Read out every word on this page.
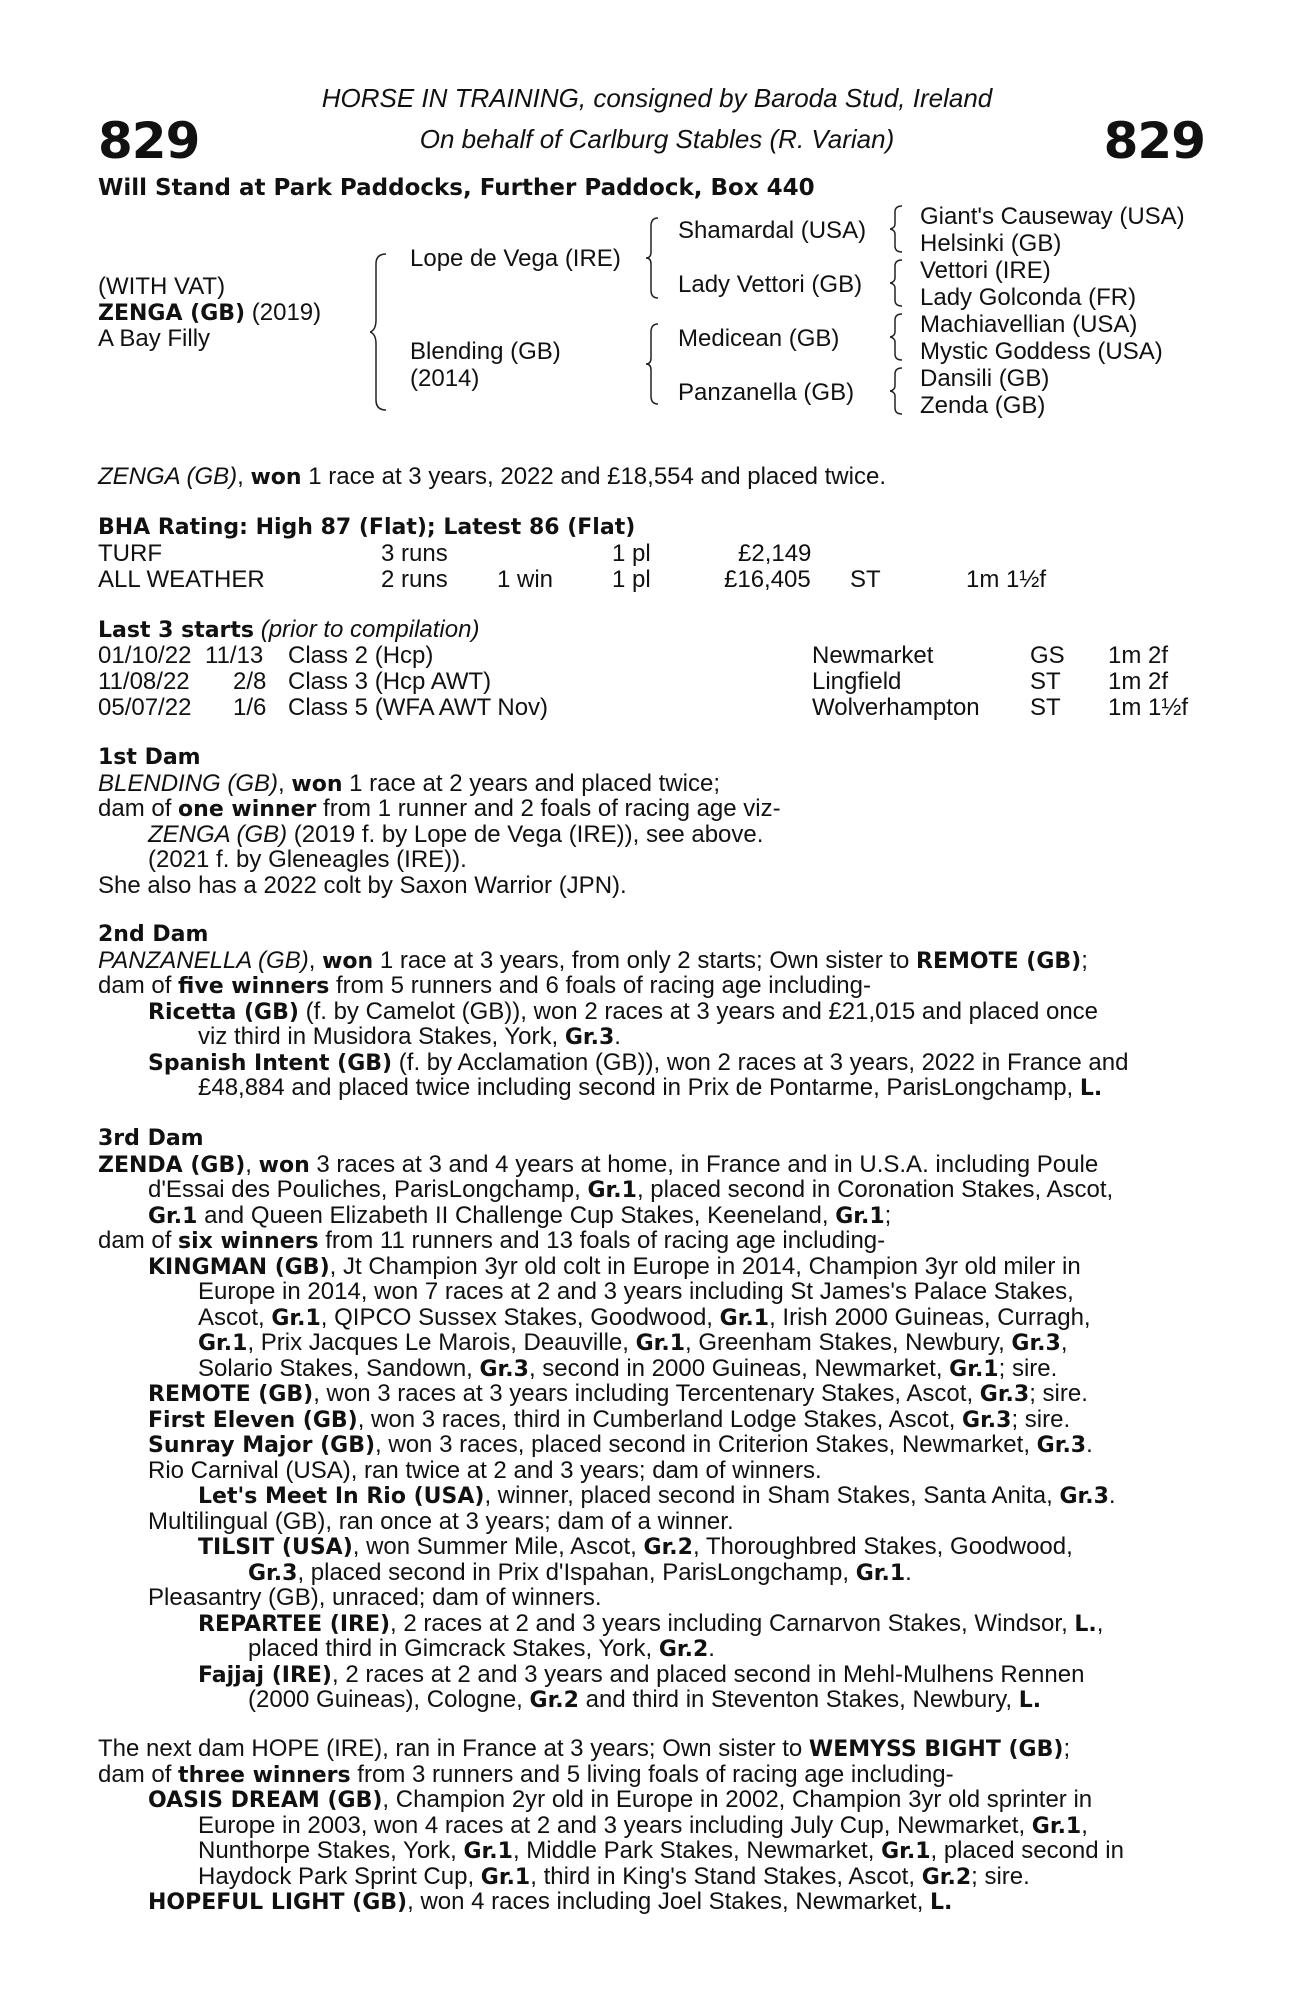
829	829
HORSE IN TRAINING, consigned by Baroda Stud, Ireland
On behalf of Carlburg Stables (R. Varian)
Will Stand at Park Paddocks, Further Paddock, Box 440
(WITH VAT)
ZENGA (GB) (2019)
A Bay Filly
Lope de Vega (IRE)
Blending (GB)
(2014)
Shamardal (USA)
Lady Vettori (GB)
Medicean (GB)
Panzanella (GB)
Giant's Causeway (USA)
Helsinki (GB)
Vettori (IRE)
Lady Golconda (FR)
Machiavellian (USA)
Mystic Goddess (USA)
Dansili (GB)
Zenda (GB)
ZENGA (GB), won 1 race at 3 years, 2022 and £18,554 and placed twice.
BHA Rating: High 87 (Flat); Latest 86 (Flat)
TURF	3 runs	1 pl	£2,149
ALL WEATHER	2 runs 1 win 1 pl	£16,405 ST	1m 1½f
Last 3 starts (prior to compilation)
01/10/22 11/13 Class 2 (Hcp)	Newmarket	GS 1m 2f
11/08/22 2/8 Class 3 (Hcp AWT)	Lingfield	ST 1m 2f
05/07/22 1/6 Class 5 (WFA AWT Nov)	Wolverhampton ST 1m 1½f
1st Dam
BLENDING (GB), won 1 race at 2 years and placed twice;
dam of one winner from 1 runner and 2 foals of racing age viz-
ZENGA (GB) (2019 f. by Lope de Vega (IRE)), see above.
(2021 f. by Gleneagles (IRE)).
She also has a 2022 colt by Saxon Warrior (JPN).
2nd Dam
PANZANELLA (GB), won 1 race at 3 years, from only 2 starts; Own sister to REMOTE (GB);
dam of five winners from 5 runners and 6 foals of racing age including-
Ricetta (GB) (f. by Camelot (GB)), won 2 races at 3 years and £21,015 and placed once
viz third in Musidora Stakes, York, Gr.3.
Spanish Intent (GB) (f. by Acclamation (GB)), won 2 races at 3 years, 2022 in France and
£48,884 and placed twice including second in Prix de Pontarme, ParisLongchamp, L.
3rd Dam
ZENDA (GB), won 3 races at 3 and 4 years at home, in France and in U.S.A. including Poule
d'Essai des Pouliches, ParisLongchamp, Gr.1, placed second in Coronation Stakes, Ascot,
Gr.1 and Queen Elizabeth II Challenge Cup Stakes, Keeneland, Gr.1;
dam of six winners from 11 runners and 13 foals of racing age including-
KINGMAN (GB), Jt Champion 3yr old colt in Europe in 2014, Champion 3yr old miler in
Europe in 2014, won 7 races at 2 and 3 years including St James's Palace Stakes,
Ascot, Gr.1, QIPCO Sussex Stakes, Goodwood, Gr.1, Irish 2000 Guineas, Curragh,
Gr.1, Prix Jacques Le Marois, Deauville, Gr.1, Greenham Stakes, Newbury, Gr.3,
Solario Stakes, Sandown, Gr.3, second in 2000 Guineas, Newmarket, Gr.1; sire.
REMOTE (GB), won 3 races at 3 years including Tercentenary Stakes, Ascot, Gr.3; sire.
First Eleven (GB), won 3 races, third in Cumberland Lodge Stakes, Ascot, Gr.3; sire.
Sunray Major (GB), won 3 races, placed second in Criterion Stakes, Newmarket, Gr.3.
Rio Carnival (USA), ran twice at 2 and 3 years; dam of winners.
Let's Meet In Rio (USA), winner, placed second in Sham Stakes, Santa Anita, Gr.3.
Multilingual (GB), ran once at 3 years; dam of a winner.
TILSIT (USA), won Summer Mile, Ascot, Gr.2, Thoroughbred Stakes, Goodwood,
Gr.3, placed second in Prix d'Ispahan, ParisLongchamp, Gr.1.
Pleasantry (GB), unraced; dam of winners.
REPARTEE (IRE), 2 races at 2 and 3 years including Carnarvon Stakes, Windsor, L.,
placed third in Gimcrack Stakes, York, Gr.2.
Fajjaj (IRE), 2 races at 2 and 3 years and placed second in Mehl-Mulhens Rennen
(2000 Guineas), Cologne, Gr.2 and third in Steventon Stakes, Newbury, L.
The next dam HOPE (IRE), ran in France at 3 years; Own sister to WEMYSS BIGHT (GB);
dam of three winners from 3 runners and 5 living foals of racing age including-
OASIS DREAM (GB), Champion 2yr old in Europe in 2002, Champion 3yr old sprinter in
Europe in 2003, won 4 races at 2 and 3 years including July Cup, Newmarket, Gr.1,
Nunthorpe Stakes, York, Gr.1, Middle Park Stakes, Newmarket, Gr.1, placed second in
Haydock Park Sprint Cup, Gr.1, third in King's Stand Stakes, Ascot, Gr.2; sire.
HOPEFUL LIGHT (GB), won 4 races including Joel Stakes, Newmarket, L.
